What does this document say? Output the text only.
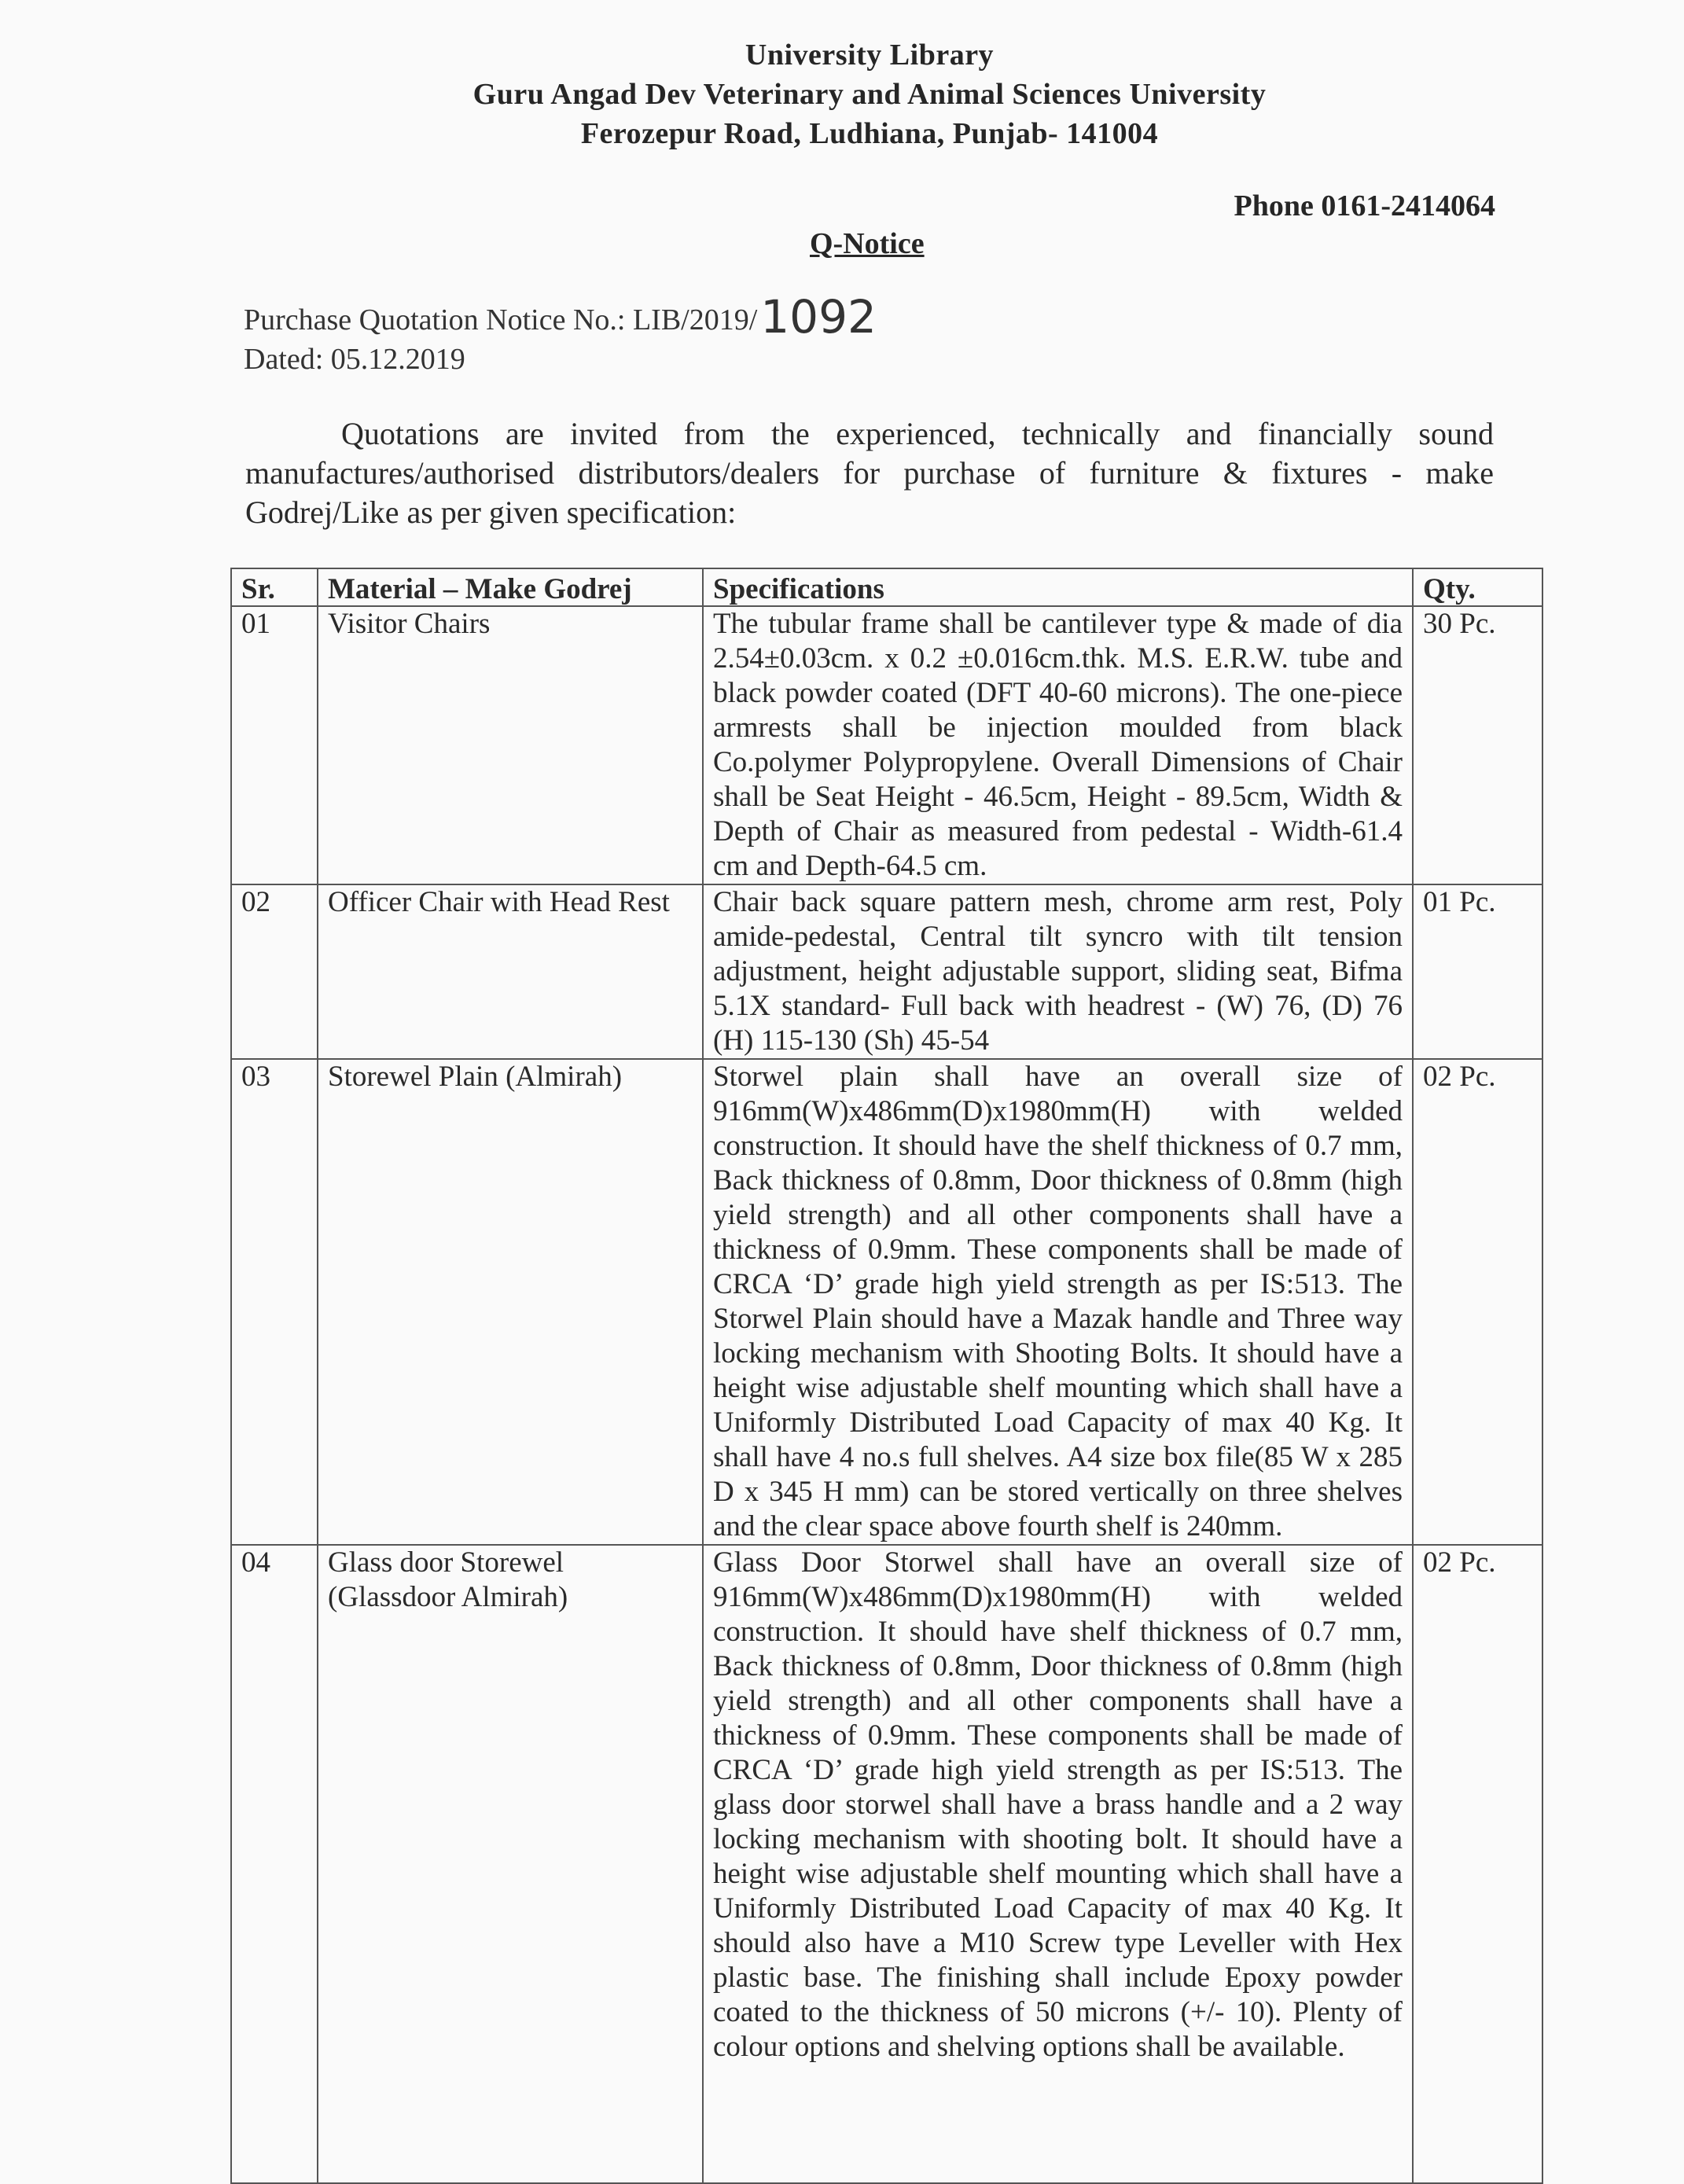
University Library
Guru Angad Dev Veterinary and Animal Sciences University
Ferozepur Road, Ludhiana, Punjab- 141004
Phone 0161-2414064
Q-Notice
Purchase Quotation Notice No.: LIB/2019/1092
Dated: 05.12.2019

Quotations are invited from the experienced, technically and financially sound manufactures/authorised distributors/dealers for purchase of furniture & fixtures - make Godrej/Like as per given specification:

Sr.	Material – Make Godrej	Specifications	Qty.
01	Visitor Chairs	The tubular frame shall be cantilever type & made of dia 2.54±0.03cm. x 0.2 ±0.016cm.thk. M.S. E.R.W. tube and black powder coated (DFT 40-60 microns). The one-piece armrests shall be injection moulded from black Co.polymer Polypropylene. Overall Dimensions of Chair shall be Seat Height - 46.5cm, Height - 89.5cm, Width & Depth of Chair as measured from pedestal - Width-61.4 cm and Depth-64.5 cm.	30 Pc.
02	Officer Chair with Head Rest	Chair back square pattern mesh, chrome arm rest, Poly amide-pedestal, Central tilt syncro with tilt tension adjustment, height adjustable support, sliding seat, Bifma 5.1X standard- Full back with headrest - (W) 76, (D) 76 (H) 115-130 (Sh) 45-54	01 Pc.
03	Storewel Plain (Almirah)	Storwel plain shall have an overall size of 916mm(W)x486mm(D)x1980mm(H) with welded construction. It should have the shelf thickness of 0.7 mm, Back thickness of 0.8mm, Door thickness of 0.8mm (high yield strength) and all other components shall have a thickness of 0.9mm. These components shall be made of CRCA ‘D’ grade high yield strength as per IS:513. The Storwel Plain should have a Mazak handle and Three way locking mechanism with Shooting Bolts. It should have a height wise adjustable shelf mounting which shall have a Uniformly Distributed Load Capacity of max 40 Kg. It shall have 4 no.s full shelves. A4 size box file(85 W x 285 D x 345 H mm) can be stored vertically on three shelves and the clear space above fourth shelf is 240mm.	02 Pc.
04	Glass door Storewel (Glassdoor Almirah)	Glass Door Storwel shall have an overall size of 916mm(W)x486mm(D)x1980mm(H) with welded construction. It should have shelf thickness of 0.7 mm, Back thickness of 0.8mm, Door thickness of 0.8mm (high yield strength) and all other components shall have a thickness of 0.9mm. These components shall be made of CRCA ‘D’ grade high yield strength as per IS:513. The glass door storwel shall have a brass handle and a 2 way locking mechanism with shooting bolt. It should have a height wise adjustable shelf mounting which shall have a Uniformly Distributed Load Capacity of max 40 Kg. It should also have a M10 Screw type Leveller with Hex plastic base. The finishing shall include Epoxy powder coated to the thickness of 50 microns (+/- 10). Plenty of colour options and shelving options shall be available.	02 Pc.
